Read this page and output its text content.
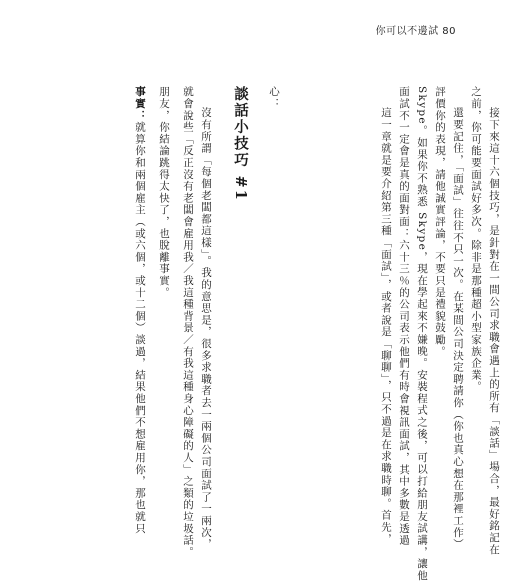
你可以不邊試 80
這一章就是要介紹第三種「面試」，或者說是「聊聊」，只不過是在求職時聊。首先， 面試不一定會是真的面對面：六十三％的公司表示他們有時會視訊面試，其中多數是透過 Skype。如果你不熟悉 Skype，現在學起來不嫌晚。安裝程式之後，可以打給朋友試講，讓他 評價你的表現，請他誠實評論，不要只是禮貌鼓勵。 還要記住，「面試」往往不只一次。在某間公司決定聘請你（你也真心想在那裡工作） 之前，你可能要面試好多次。除非是那種超小型家族企業。 接下來這十六個技巧，是針對在一間公司求職會遇上的所有「談話」場合，最好銘記在
心：
談話小技巧 #1
沒有所謂「每個老闆都這樣」。我的意思是，很多求職者去一兩個公司面試了一兩次，
就會說些「反正沒有老闆會雇用我／我這種背景／有我這種身心障礙的人」之類的垃圾話。
朋友，你結論跳得太快了，也脫離事實。
事實：就算你和兩個雇主（或六個，或十二個）談過，結果他們不想雇用你，那也就只
